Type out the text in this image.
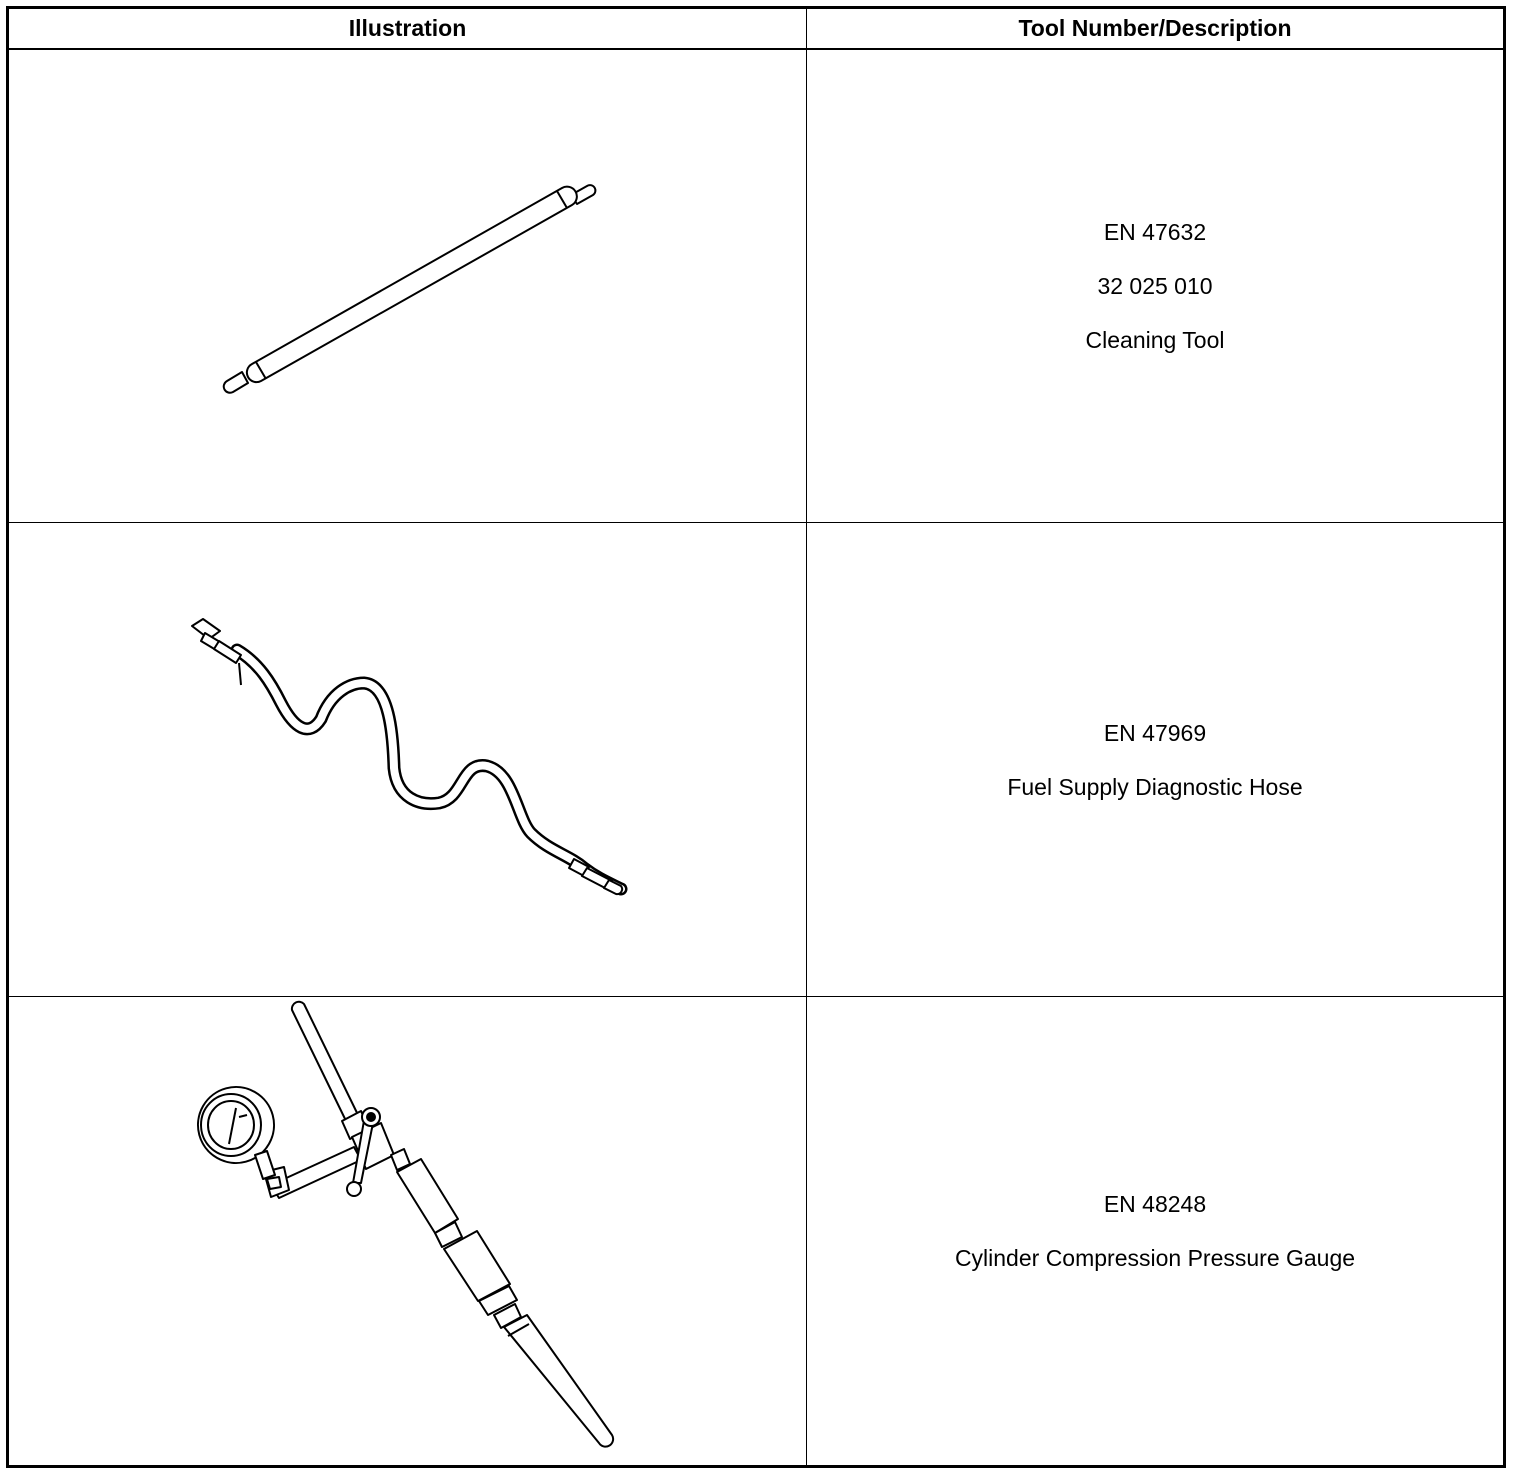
Illustration	Tool Number/Description
EN 47632
32 025 010
Cleaning Tool
EN 47969
Fuel Supply Diagnostic Hose
EN 48248
Cylinder Compression Pressure Gauge
